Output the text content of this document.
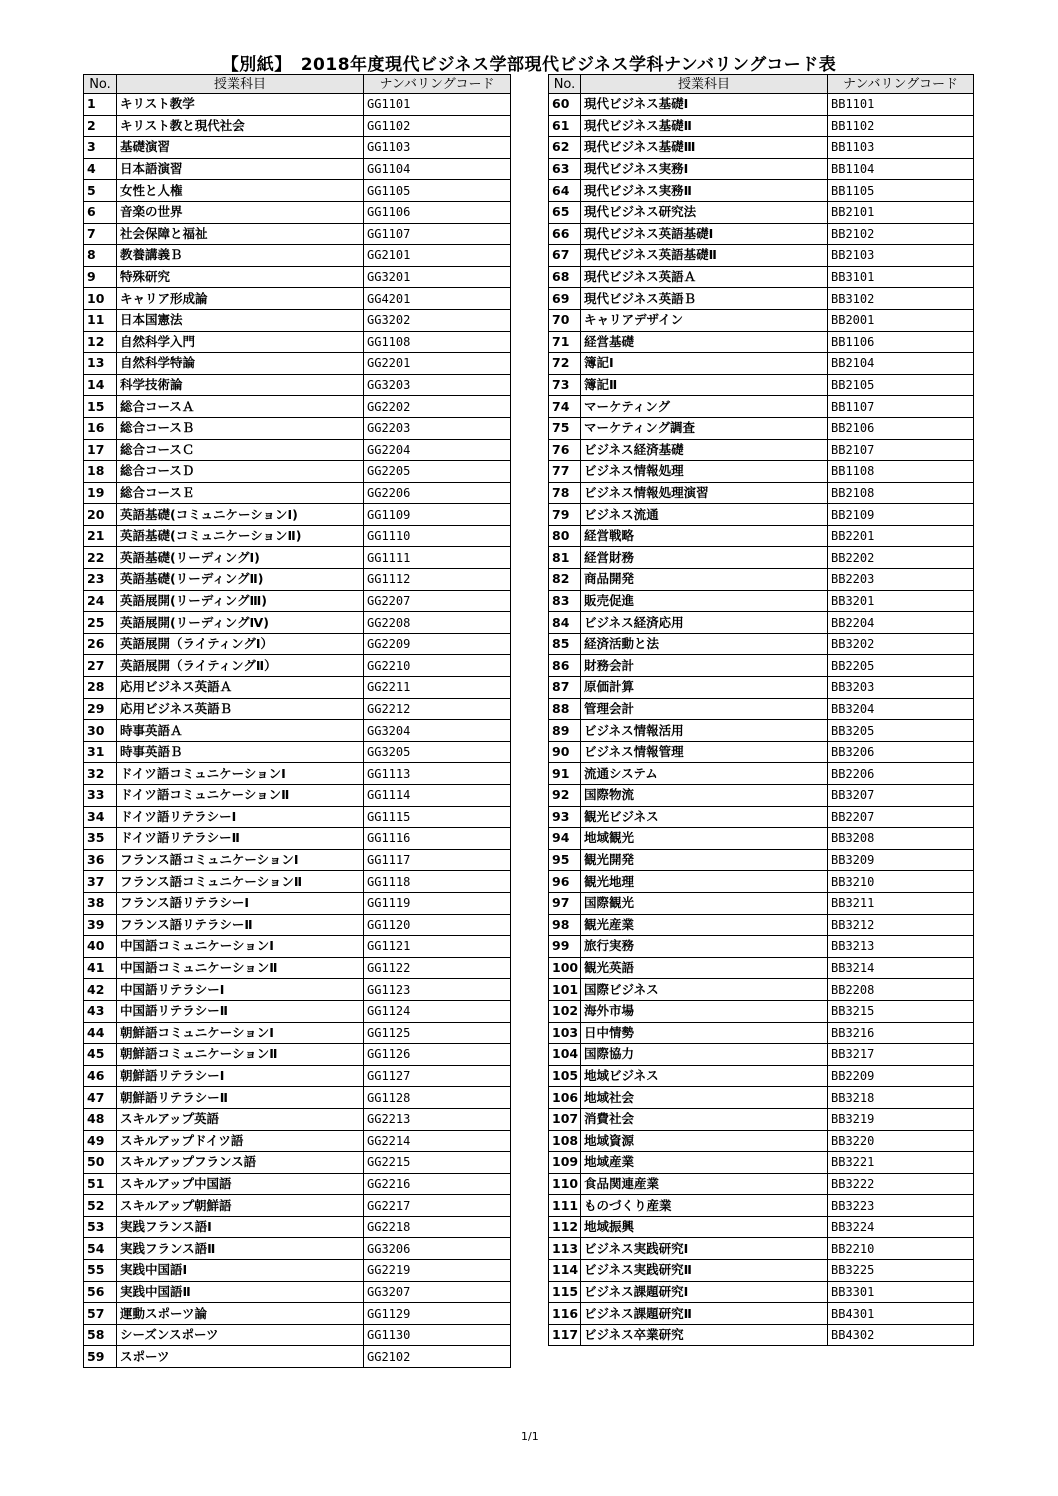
【別紙】　2018年度現代ビジネス学部現代ビジネス学科ナンバリングコード表
No.	授業科目	ナンバリングコード
1	キリスト教学	GG1101
2	キリスト教と現代社会	GG1102
3	基礎演習	GG1103
4	日本語演習	GG1104
5	女性と人権	GG1105
6	音楽の世界	GG1106
7	社会保障と福祉	GG1107
8	教養講義Ｂ	GG2101
9	特殊研究	GG3201
10	キャリア形成論	GG4201
11	日本国憲法	GG3202
12	自然科学入門	GG1108
13	自然科学特論	GG2201
14	科学技術論	GG3203
15	総合コースＡ	GG2202
16	総合コースＢ	GG2203
17	総合コースＣ	GG2204
18	総合コースＤ	GG2205
19	総合コースＥ	GG2206
20	英語基礎(コミュニケーションⅠ)	GG1109
21	英語基礎(コミュニケーションⅡ)	GG1110
22	英語基礎(リーディングⅠ)	GG1111
23	英語基礎(リーディングⅡ)	GG1112
24	英語展開(リーディングⅢ)	GG2207
25	英語展開(リーディングⅣ)	GG2208
26	英語展開（ライティングⅠ）	GG2209
27	英語展開（ライティングⅡ）	GG2210
28	応用ビジネス英語Ａ	GG2211
29	応用ビジネス英語Ｂ	GG2212
30	時事英語Ａ	GG3204
31	時事英語Ｂ	GG3205
32	ドイツ語コミュニケーションⅠ	GG1113
33	ドイツ語コミュニケーションⅡ	GG1114
34	ドイツ語リテラシーⅠ	GG1115
35	ドイツ語リテラシーⅡ	GG1116
36	フランス語コミュニケーションⅠ	GG1117
37	フランス語コミュニケーションⅡ	GG1118
38	フランス語リテラシーⅠ	GG1119
39	フランス語リテラシーⅡ	GG1120
40	中国語コミュニケーションⅠ	GG1121
41	中国語コミュニケーションⅡ	GG1122
42	中国語リテラシーⅠ	GG1123
43	中国語リテラシーⅡ	GG1124
44	朝鮮語コミュニケーションⅠ	GG1125
45	朝鮮語コミュニケーションⅡ	GG1126
46	朝鮮語リテラシーⅠ	GG1127
47	朝鮮語リテラシーⅡ	GG1128
48	スキルアップ英語	GG2213
49	スキルアップドイツ語	GG2214
50	スキルアップフランス語	GG2215
51	スキルアップ中国語	GG2216
52	スキルアップ朝鮮語	GG2217
53	実践フランス語Ⅰ	GG2218
54	実践フランス語Ⅱ	GG3206
55	実践中国語Ⅰ	GG2219
56	実践中国語Ⅱ	GG3207
57	運動スポーツ論	GG1129
58	シーズンスポーツ	GG1130
59	スポーツ	GG2102
No.	授業科目	ナンバリングコード
60	現代ビジネス基礎Ⅰ	BB1101
61	現代ビジネス基礎Ⅱ	BB1102
62	現代ビジネス基礎Ⅲ	BB1103
63	現代ビジネス実務Ⅰ	BB1104
64	現代ビジネス実務Ⅱ	BB1105
65	現代ビジネス研究法	BB2101
66	現代ビジネス英語基礎Ⅰ	BB2102
67	現代ビジネス英語基礎Ⅱ	BB2103
68	現代ビジネス英語Ａ	BB3101
69	現代ビジネス英語Ｂ	BB3102
70	キャリアデザイン	BB2001
71	経営基礎	BB1106
72	簿記Ⅰ	BB2104
73	簿記Ⅱ	BB2105
74	マーケティング	BB1107
75	マーケティング調査	BB2106
76	ビジネス経済基礎	BB2107
77	ビジネス情報処理	BB1108
78	ビジネス情報処理演習	BB2108
79	ビジネス流通	BB2109
80	経営戦略	BB2201
81	経営財務	BB2202
82	商品開発	BB2203
83	販売促進	BB3201
84	ビジネス経済応用	BB2204
85	経済活動と法	BB3202
86	財務会計	BB2205
87	原価計算	BB3203
88	管理会計	BB3204
89	ビジネス情報活用	BB3205
90	ビジネス情報管理	BB3206
91	流通システム	BB2206
92	国際物流	BB3207
93	観光ビジネス	BB2207
94	地域観光	BB3208
95	観光開発	BB3209
96	観光地理	BB3210
97	国際観光	BB3211
98	観光産業	BB3212
99	旅行実務	BB3213
100	観光英語	BB3214
101	国際ビジネス	BB2208
102	海外市場	BB3215
103	日中情勢	BB3216
104	国際協力	BB3217
105	地域ビジネス	BB2209
106	地域社会	BB3218
107	消費社会	BB3219
108	地域資源	BB3220
109	地域産業	BB3221
110	食品関連産業	BB3222
111	ものづくり産業	BB3223
112	地域振興	BB3224
113	ビジネス実践研究Ⅰ	BB2210
114	ビジネス実践研究Ⅱ	BB3225
115	ビジネス課題研究Ⅰ	BB3301
116	ビジネス課題研究Ⅱ	BB4301
117	ビジネス卒業研究	BB4302
1/1
